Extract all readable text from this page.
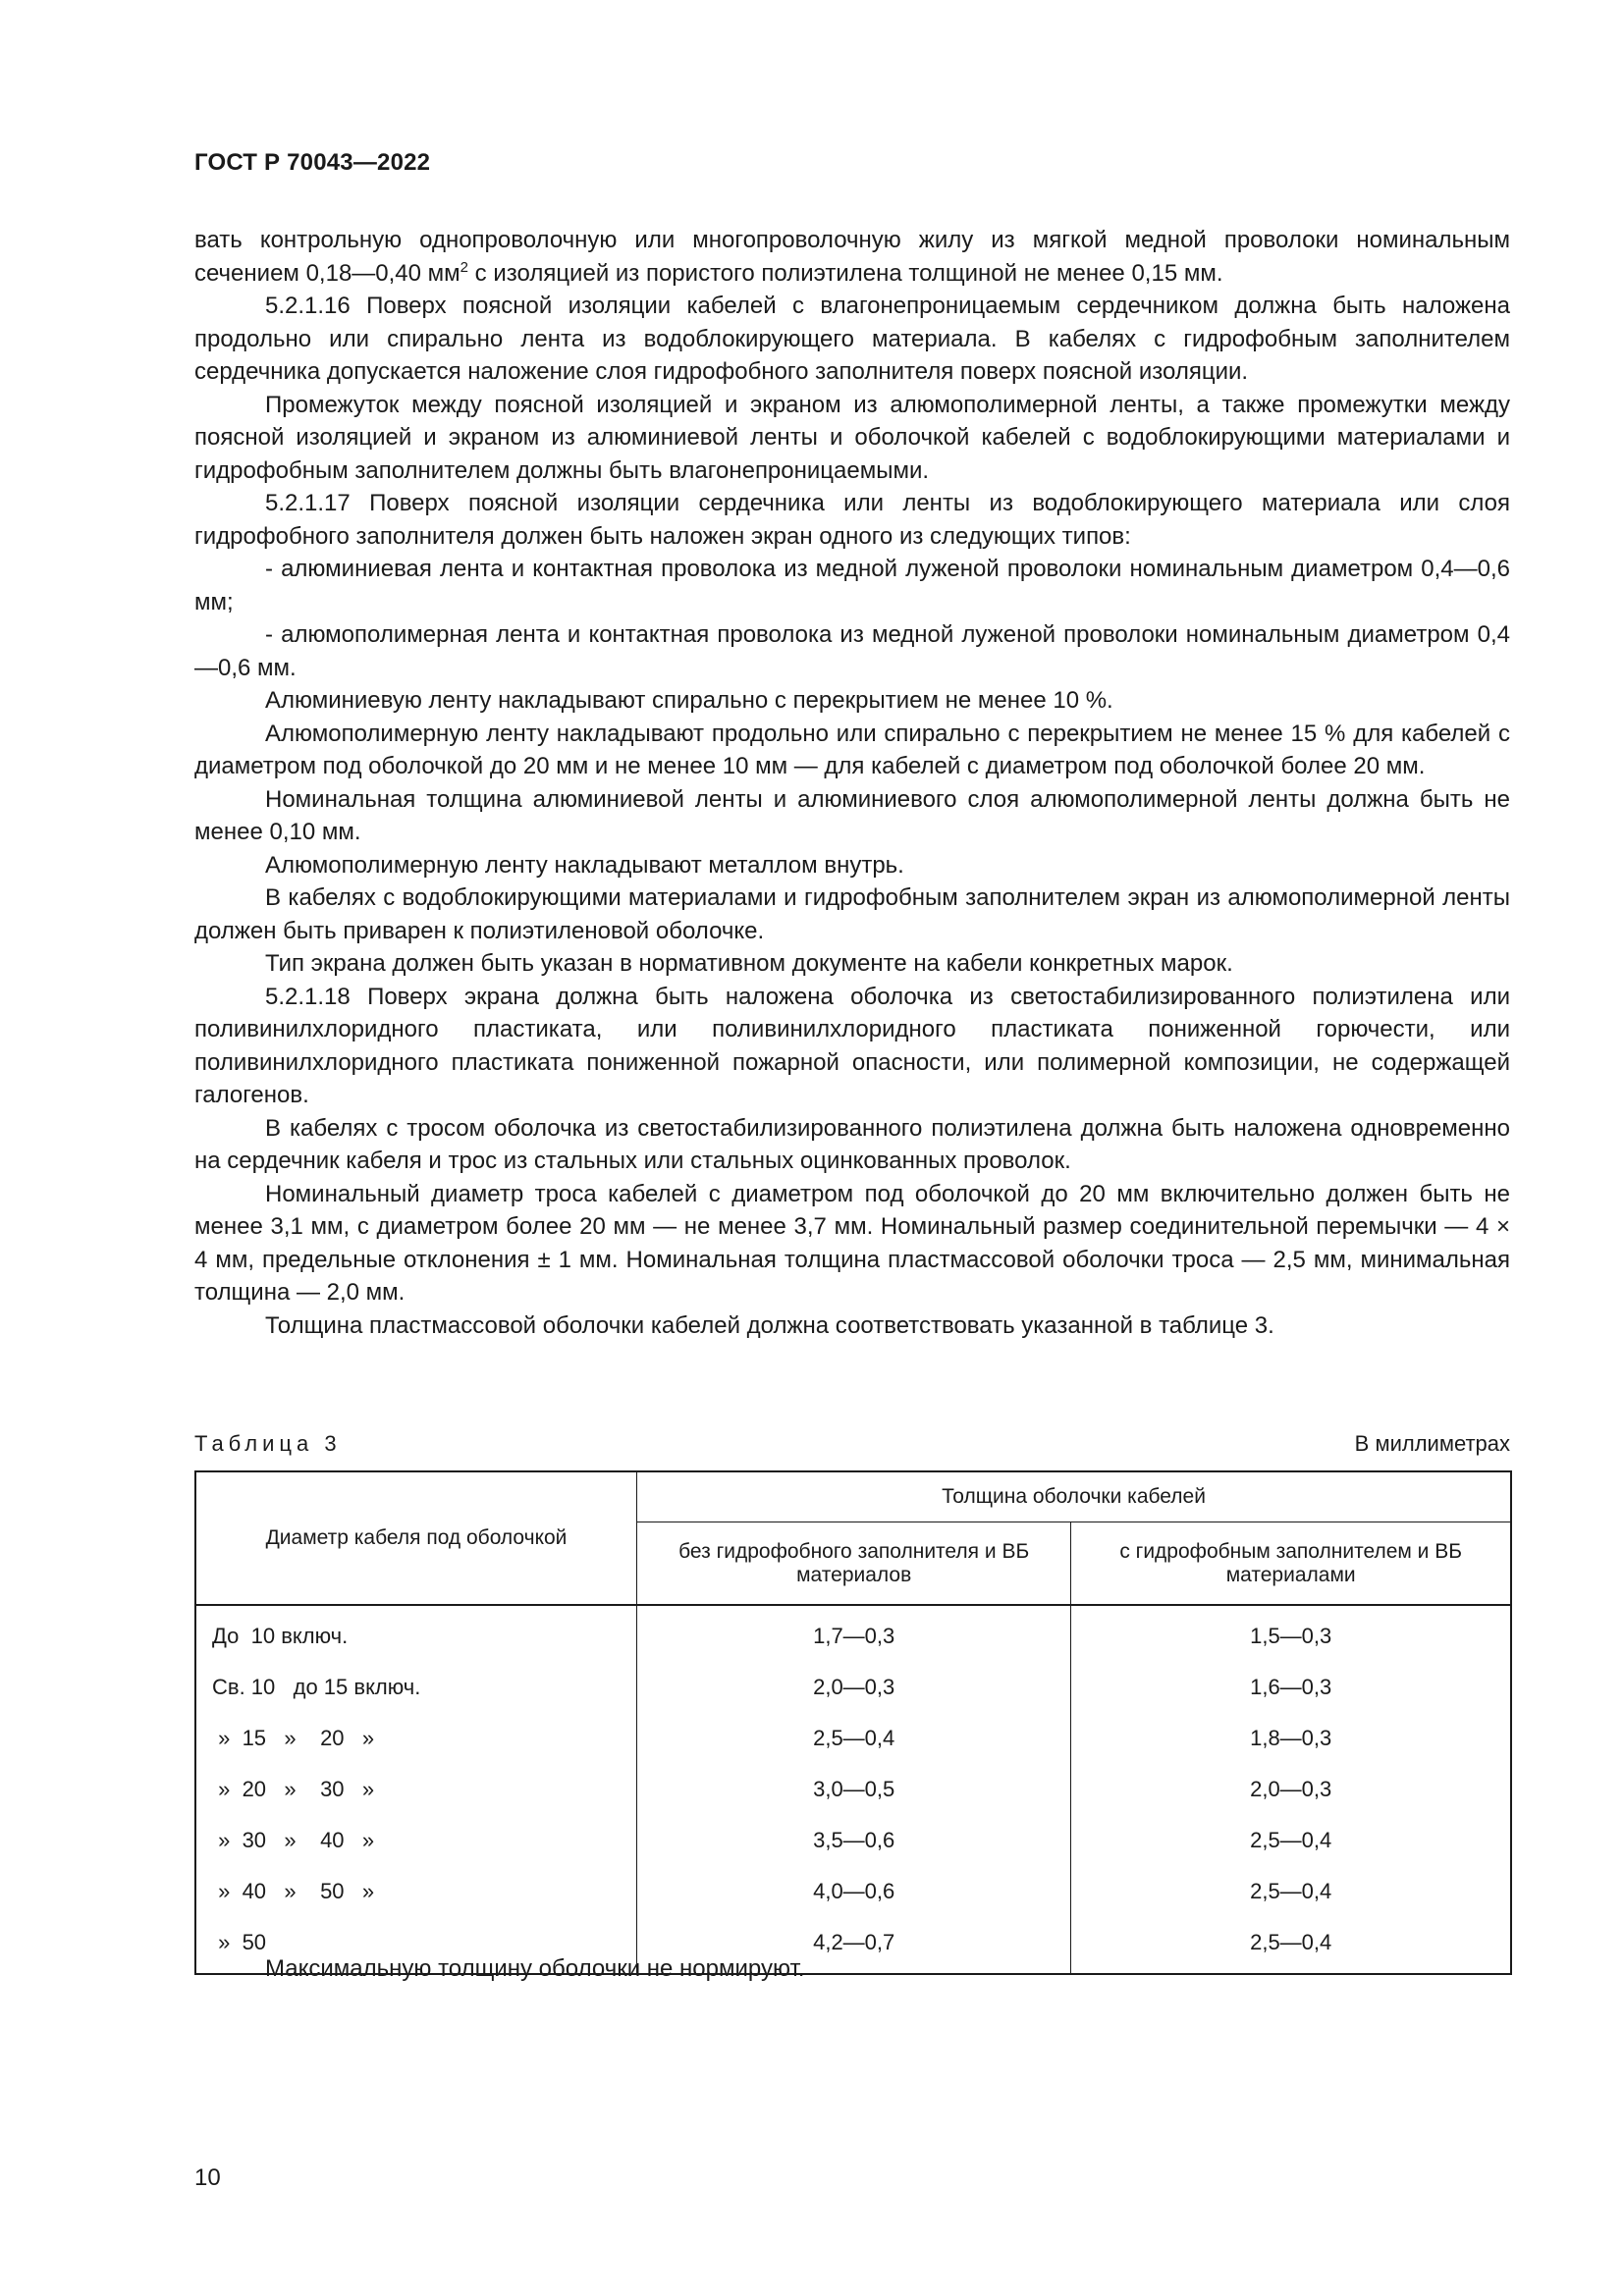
ГОСТ Р 70043—2022

вать контрольную однопроволочную или многопроволочную жилу из мягкой медной проволоки номинальным сечением 0,18—0,40 $мм^2$ с изоляцией из пористого полиэтилена толщиной не менее 0,15 мм.

5.2.1.16 Поверх поясной изоляции кабелей с влагонепроницаемым сердечником должна быть наложена продольно или спирально лента из водоблокирующего материала. В кабелях с гидрофобным заполнителем сердечника допускается наложение слоя гидрофобного заполнителя поверх поясной изоляции.

Промежуток между поясной изоляцией и экраном из алюмополимерной ленты, а также промежутки между поясной изоляцией и экраном из алюминиевой ленты и оболочкой кабелей с водоблокирующими материалами и гидрофобным заполнителем должны быть влагонепроницаемыми.

5.2.1.17 Поверх поясной изоляции сердечника или ленты из водоблокирующего материала или слоя гидрофобного заполнителя должен быть наложен экран одного из следующих типов:

- алюминиевая лента и контактная проволока из медной луженой проволоки номинальным диаметром 0,4—0,6 мм;

- алюмополимерная лента и контактная проволока из медной луженой проволоки номинальным диаметром 0,4—0,6 мм.

Алюминиевую ленту накладывают спирально с перекрытием не менее 10 %.

Алюмополимерную ленту накладывают продольно или спирально с перекрытием не менее 15 % для кабелей с диаметром под оболочкой до 20 мм и не менее 10 мм — для кабелей с диаметром под оболочкой более 20 мм.

Номинальная толщина алюминиевой ленты и алюминиевого слоя алюмополимерной ленты должна быть не менее 0,10 мм.

Алюмополимерную ленту накладывают металлом внутрь.

В кабелях с водоблокирующими материалами и гидрофобным заполнителем экран из алюмополимерной ленты должен быть приварен к полиэтиленовой оболочке.

Тип экрана должен быть указан в нормативном документе на кабели конкретных марок.

5.2.1.18 Поверх экрана должна быть наложена оболочка из светостабилизированного полиэтилена или поливинилхлоридного пластиката, или поливинилхлоридного пластиката пониженной горючести, или поливинилхлоридного пластиката пониженной пожарной опасности, или полимерной композиции, не содержащей галогенов.

В кабелях с тросом оболочка из светостабилизированного полиэтилена должна быть наложена одновременно на сердечник кабеля и трос из стальных или стальных оцинкованных проволок.

Номинальный диаметр троса кабелей с диаметром под оболочкой до 20 мм включительно должен быть не менее 3,1 мм, с диаметром более 20 мм — не менее 3,7 мм. Номинальный размер соединительной перемычки — 4 × 4 мм, предельные отклонения ± 1 мм. Номинальная толщина пластмассовой оболочки троса — 2,5 мм, минимальная толщина — 2,0 мм.

Толщина пластмассовой оболочки кабелей должна соответствовать указанной в таблице 3.

Таблица 3	В миллиметрах
Диаметр кабеля под оболочкой	Толщина оболочки кабелей	
	без гидрофобного заполнителя и ВБ материалов	с гидрофобным заполнителем и ВБ материалами
До  10 включ.	1,7—0,3	1,5—0,3
Св. 10   до 15 включ.	2,0—0,3	1,6—0,3
»  15   »    20   »	2,5—0,4	1,8—0,3
»  20   »    30   »	3,0—0,5	2,0—0,3
»  30   »    40   »	3,5—0,6	2,5—0,4
»  40   »    50   »	4,0—0,6	2,5—0,4
»  50	4,2—0,7	2,5—0,4
Максимальную толщину оболочки не нормируют.
10
